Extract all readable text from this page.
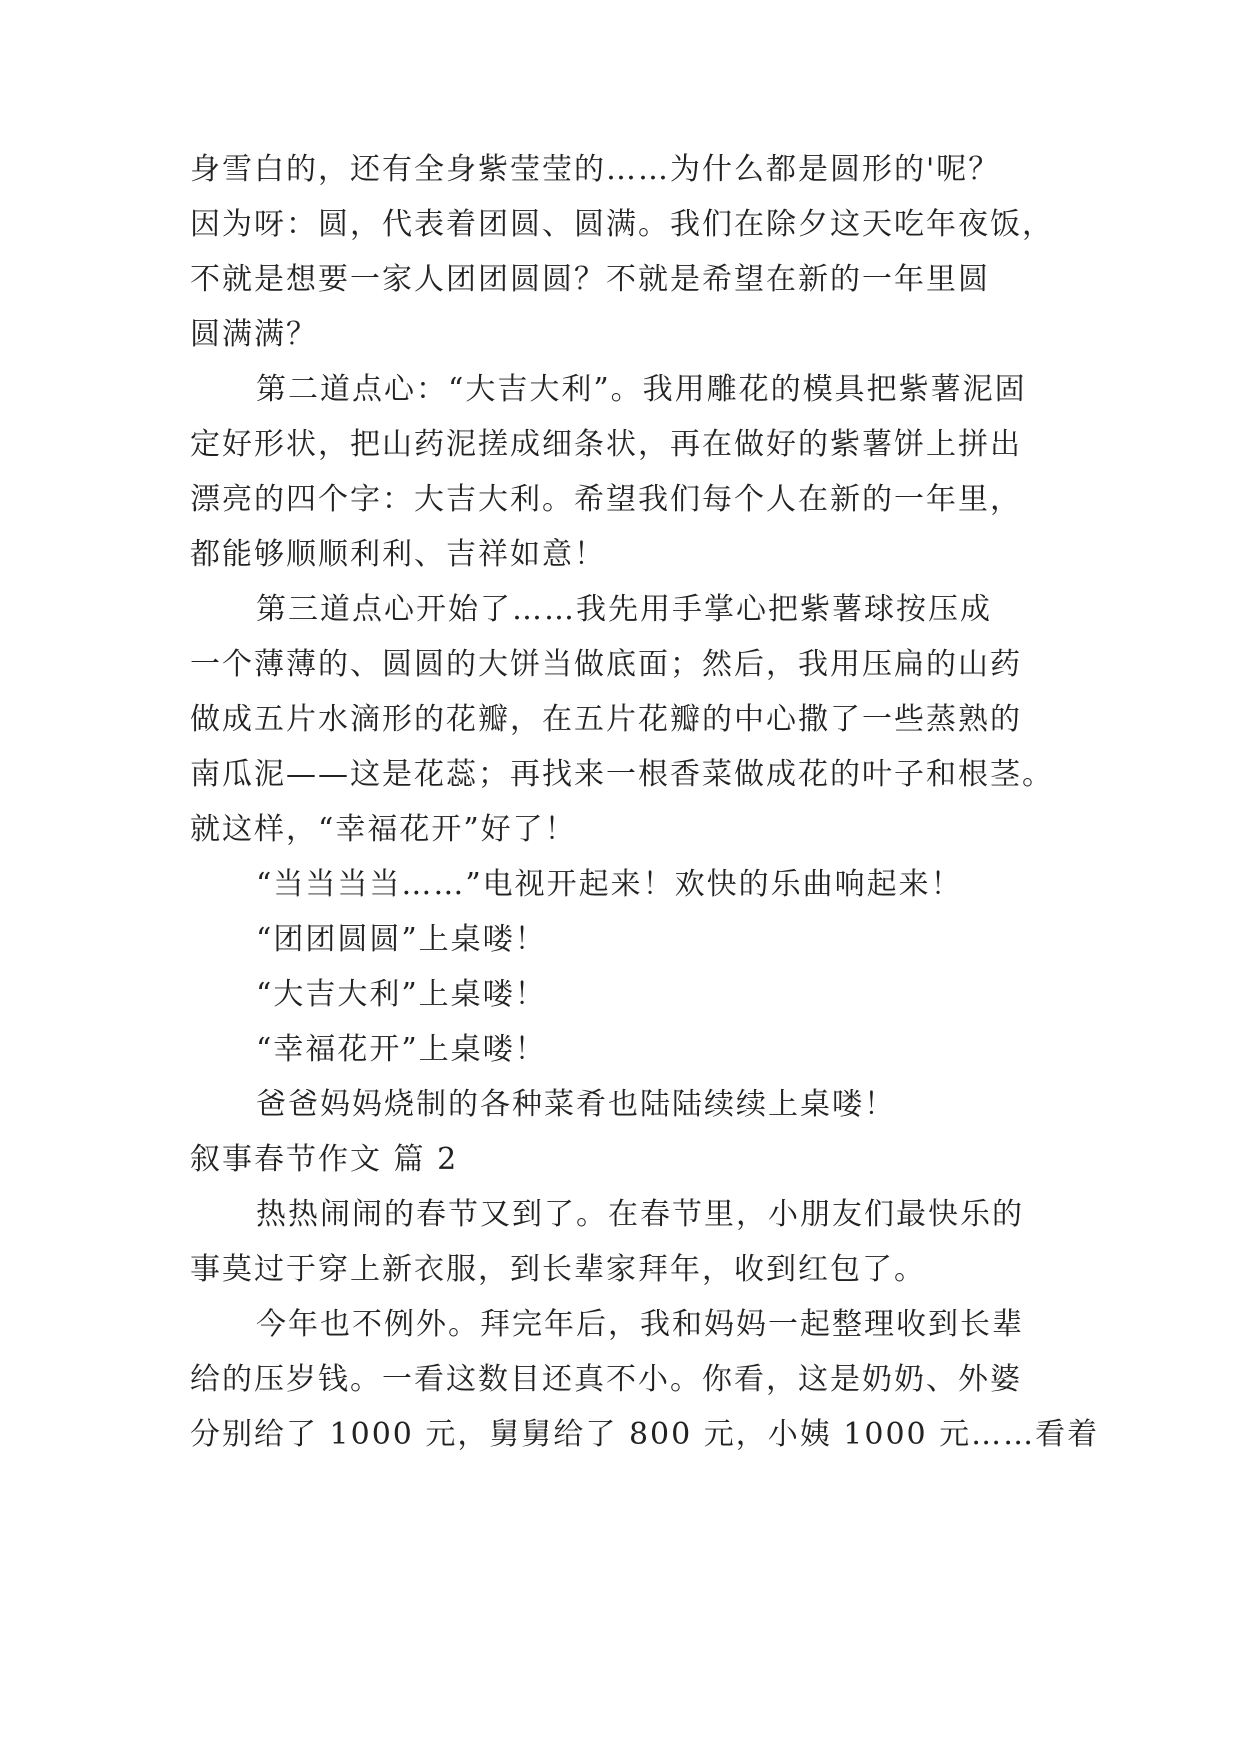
身雪白的，还有全身紫莹莹的……为什么都是圆形的'呢？
因为呀：圆，代表着团圆、圆满。我们在除夕这天吃年夜饭，
不就是想要一家人团团圆圆？不就是希望在新的一年里圆
圆满满？
第二道点心：“大吉大利”。我用雕花的模具把紫薯泥固
定好形状，把山药泥搓成细条状，再在做好的紫薯饼上拼出
漂亮的四个字：大吉大利。希望我们每个人在新的一年里，
都能够顺顺利利、吉祥如意！
第三道点心开始了……我先用手掌心把紫薯球按压成
一个薄薄的、圆圆的大饼当做底面；然后，我用压扁的山药
做成五片水滴形的花瓣，在五片花瓣的中心撒了一些蒸熟的
南瓜泥——这是花蕊；再找来一根香菜做成花的叶子和根茎。
就这样，“幸福花开”好了！
“当当当当……”电视开起来！欢快的乐曲响起来！
“团团圆圆”上桌喽！
“大吉大利”上桌喽！
“幸福花开”上桌喽！
爸爸妈妈烧制的各种菜肴也陆陆续续上桌喽！
叙事春节作文 篇 2
热热闹闹的春节又到了。在春节里，小朋友们最快乐的
事莫过于穿上新衣服，到长辈家拜年，收到红包了。
今年也不例外。拜完年后，我和妈妈一起整理收到长辈
给的压岁钱。一看这数目还真不小。你看，这是奶奶、外婆
分别给了 1000 元，舅舅给了 800 元，小姨 1000 元……看着
